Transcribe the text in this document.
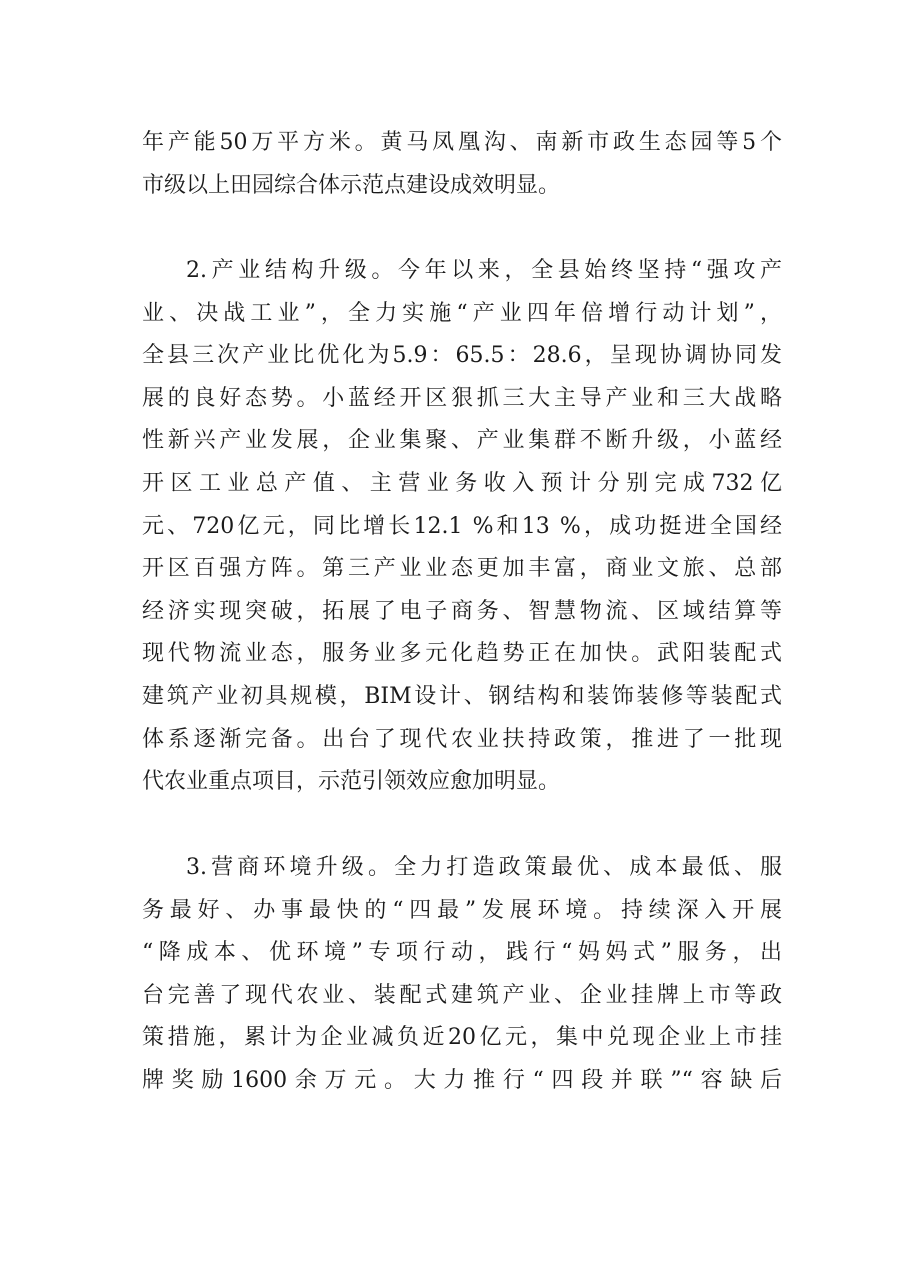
年产能50万平方米。黄马凤凰沟、南新市政生态园等5个
市级以上田园综合体示范点建设成效明显。
2.产业结构升级。今年以来，全县始终坚持“强攻产
业、决战工业”，全力实施“产业四年倍增行动计划”，
全县三次产业比优化为5.9：65.5：28.6，呈现协调协同发
展的良好态势。小蓝经开区狠抓三大主导产业和三大战略
性新兴产业发展，企业集聚、产业集群不断升级，小蓝经
开区工业总产值、主营业务收入预计分别完成732亿
元、720亿元，同比增长12.1 %和13 %，成功挺进全国经
开区百强方阵。第三产业业态更加丰富，商业文旅、总部
经济实现突破，拓展了电子商务、智慧物流、区域结算等
现代物流业态，服务业多元化趋势正在加快。武阳装配式
建筑产业初具规模，BIM设计、钢结构和装饰装修等装配式
体系逐渐完备。出台了现代农业扶持政策，推进了一批现
代农业重点项目，示范引领效应愈加明显。
3.营商环境升级。全力打造政策最优、成本最低、服
务最好、办事最快的“四最”发展环境。持续深入开展
“降成本、优环境”专项行动，践行“妈妈式”服务，出
台完善了现代农业、装配式建筑产业、企业挂牌上市等政
策措施，累计为企业减负近20亿元，集中兑现企业上市挂
牌奖励1600余万元。大力推行“四段并联”“容缺后
